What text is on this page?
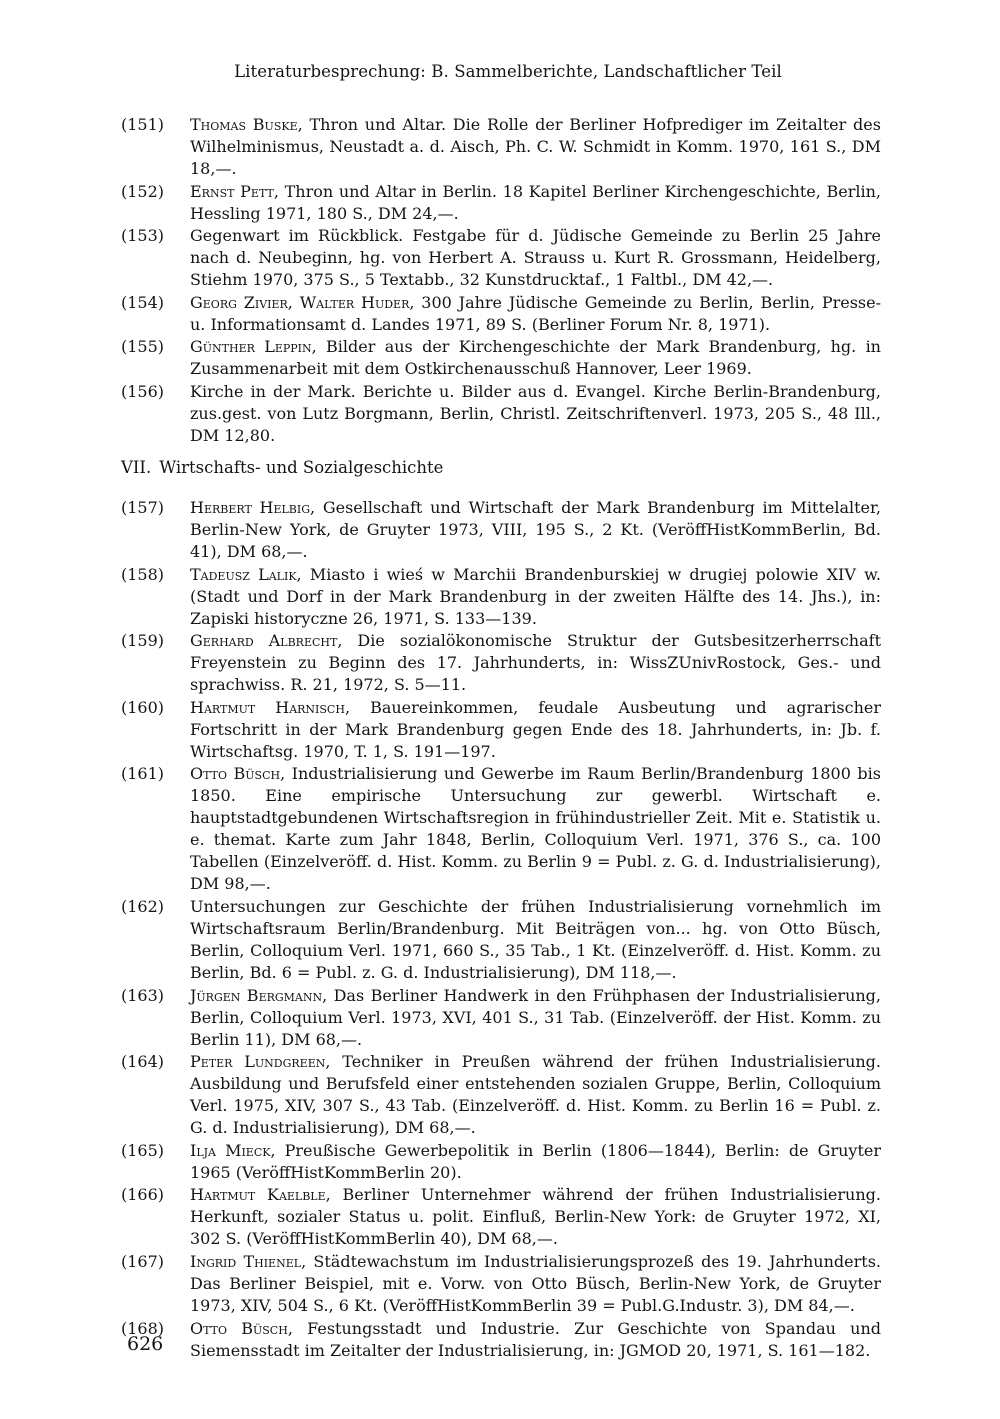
Literaturbesprechung: B. Sammelberichte, Landschaftlicher Teil

(151)	Thomas Buske, Thron und Altar. Die Rolle der Berliner Hofprediger im Zeitalter des Wilhelminismus, Neustadt a. d. Aisch, Ph. C. W. Schmidt in Komm. 1970, 161 S., DM 18,—.

(152)	Ernst Pett, Thron und Altar in Berlin. 18 Kapitel Berliner Kirchengeschichte, Berlin, Hessling 1971, 180 S., DM 24,—.

(153)	Gegenwart im Rückblick. Festgabe für d. Jüdische Gemeinde zu Berlin 25 Jahre nach d. Neubeginn, hg. von Herbert A. Strauss u. Kurt R. Grossmann, Heidelberg, Stiehm 1970, 375 S., 5 Textabb., 32 Kunstdrucktaf., 1 Faltbl., DM 42,—.

(154)	Georg Zivier, Walter Huder, 300 Jahre Jüdische Gemeinde zu Berlin, Berlin, Presse- u. Informationsamt d. Landes 1971, 89 S. (Berliner Forum Nr. 8, 1971).

(155)	Günther Leppin, Bilder aus der Kirchengeschichte der Mark Brandenburg, hg. in Zusammenarbeit mit dem Ostkirchenausschuß Hannover, Leer 1969.

(156)	Kirche in der Mark. Berichte u. Bilder aus d. Evangel. Kirche Berlin-Brandenburg, zus.gest. von Lutz Borgmann, Berlin, Christl. Zeitschriftenverl. 1973, 205 S., 48 Ill., DM 12,80.

VII. Wirtschafts- und Sozialgeschichte

(157)	Herbert Helbig, Gesellschaft und Wirtschaft der Mark Brandenburg im Mittelalter, Berlin-New York, de Gruyter 1973, VIII, 195 S., 2 Kt. (VeröffHistKommBerlin, Bd. 41), DM 68,—.

(158)	Tadeusz Lalik, Miasto i wieś w Marchii Brandenburskiej w drugiej polowie XIV w. (Stadt und Dorf in der Mark Brandenburg in der zweiten Hälfte des 14. Jhs.), in: Zapiski historyczne 26, 1971, S. 133—139.

(159)	Gerhard Albrecht, Die sozialökonomische Struktur der Gutsbesitzerherrschaft Freyenstein zu Beginn des 17. Jahrhunderts, in: WissZUnivRostock, Ges.- und sprachwiss. R. 21, 1972, S. 5—11.

(160)	Hartmut Harnisch, Bauereinkommen, feudale Ausbeutung und agrarischer Fortschritt in der Mark Brandenburg gegen Ende des 18. Jahrhunderts, in: Jb. f. Wirtschaftsg. 1970, T. 1, S. 191—197.

(161)	Otto Büsch, Industrialisierung und Gewerbe im Raum Berlin/Brandenburg 1800 bis 1850. Eine empirische Untersuchung zur gewerbl. Wirtschaft e. hauptstadtgebundenen Wirtschaftsregion in frühindustrieller Zeit. Mit e. Statistik u. e. themat. Karte zum Jahr 1848, Berlin, Colloquium Verl. 1971, 376 S., ca. 100 Tabellen (Einzelveröff. d. Hist. Komm. zu Berlin 9 = Publ. z. G. d. Industrialisierung), DM 98,—.

(162)	Untersuchungen zur Geschichte der frühen Industrialisierung vornehmlich im Wirtschaftsraum Berlin/Brandenburg. Mit Beiträgen von... hg. von Otto Büsch, Berlin, Colloquium Verl. 1971, 660 S., 35 Tab., 1 Kt. (Einzelveröff. d. Hist. Komm. zu Berlin, Bd. 6 = Publ. z. G. d. Industrialisierung), DM 118,—.

(163)	Jürgen Bergmann, Das Berliner Handwerk in den Frühphasen der Industrialisierung, Berlin, Colloquium Verl. 1973, XVI, 401 S., 31 Tab. (Einzelveröff. der Hist. Komm. zu Berlin 11), DM 68,—.

(164)	Peter Lundgreen, Techniker in Preußen während der frühen Industrialisierung. Ausbildung und Berufsfeld einer entstehenden sozialen Gruppe, Berlin, Colloquium Verl. 1975, XIV, 307 S., 43 Tab. (Einzelveröff. d. Hist. Komm. zu Berlin 16 = Publ. z. G. d. Industrialisierung), DM 68,—.

(165)	Ilja Mieck, Preußische Gewerbepolitik in Berlin (1806—1844), Berlin: de Gruyter 1965 (VeröffHistKommBerlin 20).

(166)	Hartmut Kaelble, Berliner Unternehmer während der frühen Industrialisierung. Herkunft, sozialer Status u. polit. Einfluß, Berlin-New York: de Gruyter 1972, XI, 302 S. (VeröffHistKommBerlin 40), DM 68,—.

(167)	Ingrid Thienel, Städtewachstum im Industrialisierungsprozeß des 19. Jahrhunderts. Das Berliner Beispiel, mit e. Vorw. von Otto Büsch, Berlin-New York, de Gruyter 1973, XIV, 504 S., 6 Kt. (VeröffHistKommBerlin 39 = Publ.G.Industr. 3), DM 84,—.

(168)	Otto Büsch, Festungsstadt und Industrie. Zur Geschichte von Spandau und Siemensstadt im Zeitalter der Industrialisierung, in: JGMOD 20, 1971, S. 161—182.

626
